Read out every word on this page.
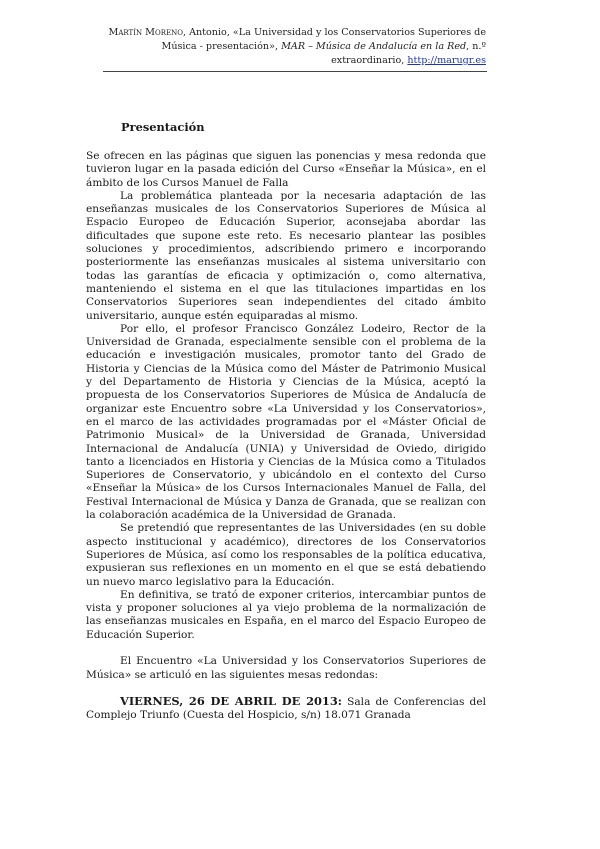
Martín Moreno, Antonio, «La Universidad y los Conservatorios Superiores de Música - presentación», MAR – Música de Andalucía en la Red, n.º extraordinario, http://marugr.es
Presentación

Se ofrecen en las páginas que siguen las ponencias y mesa redonda que tuvieron lugar en la pasada edición del Curso «Enseñar la Música», en el ámbito de los Cursos Manuel de Falla

La problemática planteada por la necesaria adaptación de las enseñanzas musicales de los Conservatorios Superiores de Música al Espacio Europeo de Educación Superior, aconsejaba abordar las dificultades que supone este reto. Es necesario plantear las posibles soluciones y procedimientos, adscribiendo primero e incorporando posteriormente las enseñanzas musicales al sistema universitario con todas las garantías de eficacia y optimización o, como alternativa, manteniendo el sistema en el que las titulaciones impartidas en los Conservatorios Superiores sean independientes del citado ámbito universitario, aunque estén equiparadas al mismo.

Por ello, el profesor Francisco González Lodeiro, Rector de la Universidad de Granada, especialmente sensible con el problema de la educación e investigación musicales, promotor tanto del Grado de Historia y Ciencias de la Música como del Máster de Patrimonio Musical y del Departamento de Historia y Ciencias de la Música, aceptó la propuesta de los Conservatorios Superiores de Música de Andalucía de organizar este Encuentro sobre «La Universidad y los Conservatorios», en el marco de las actividades programadas por el «Máster Oficial de Patrimonio Musical» de la Universidad de Granada, Universidad Internacional de Andalucía (UNIA) y Universidad de Oviedo, dirigido tanto a licenciados en Historia y Ciencias de la Música como a Titulados Superiores de Conservatorio, y ubicándolo en el contexto del Curso «Enseñar la Música» de los Cursos Internacionales Manuel de Falla, del Festival Internacional de Música y Danza de Granada, que se realizan con la colaboración académica de la Universidad de Granada.

Se pretendió que representantes de las Universidades (en su doble aspecto institucional y académico), directores de los Conservatorios Superiores de Música, así como los responsables de la política educativa, expusieran sus reflexiones en un momento en el que se está debatiendo un nuevo marco legislativo para la Educación.

En definitiva, se trató de exponer criterios, intercambiar puntos de vista y proponer soluciones al ya viejo problema de la normalización de las enseñanzas musicales en España, en el marco del Espacio Europeo de Educación Superior.

El Encuentro «La Universidad y los Conservatorios Superiores de Música» se articuló en las siguientes mesas redondas:

VIERNES, 26 DE ABRIL DE 2013: Sala de Conferencias del Complejo Triunfo (Cuesta del Hospicio, s/n) 18.071 Granada
